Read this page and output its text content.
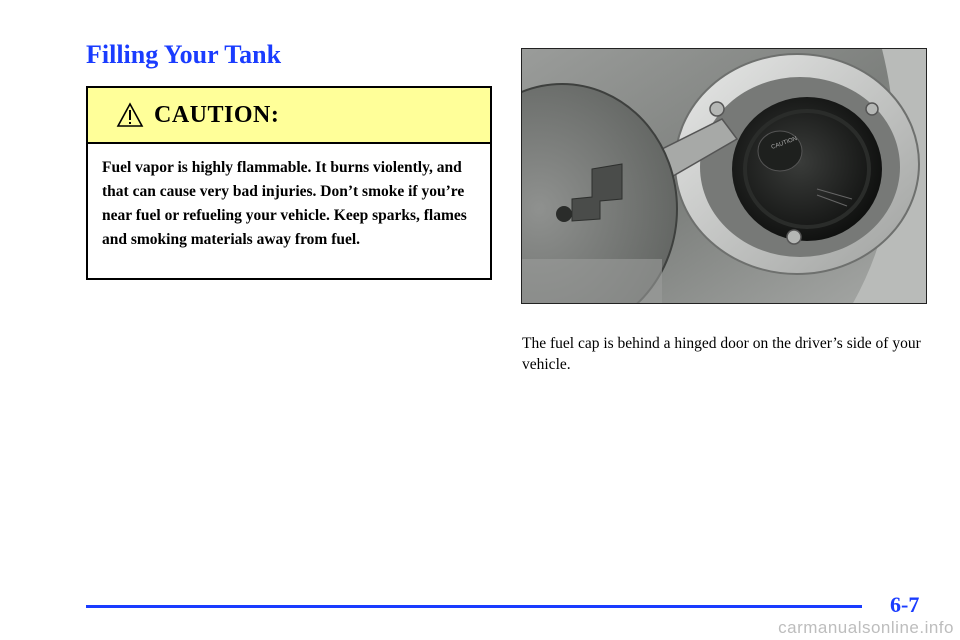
Filling Your Tank
CAUTION:
Fuel vapor is highly flammable. It burns violently, and that can cause very bad injuries. Don’t smoke if you’re near fuel or refueling your vehicle. Keep sparks, flames and smoking materials away from fuel.
CAUTION
The fuel cap is behind a hinged door on the driver’s side of your vehicle.
6-7
carmanualsonline.info
